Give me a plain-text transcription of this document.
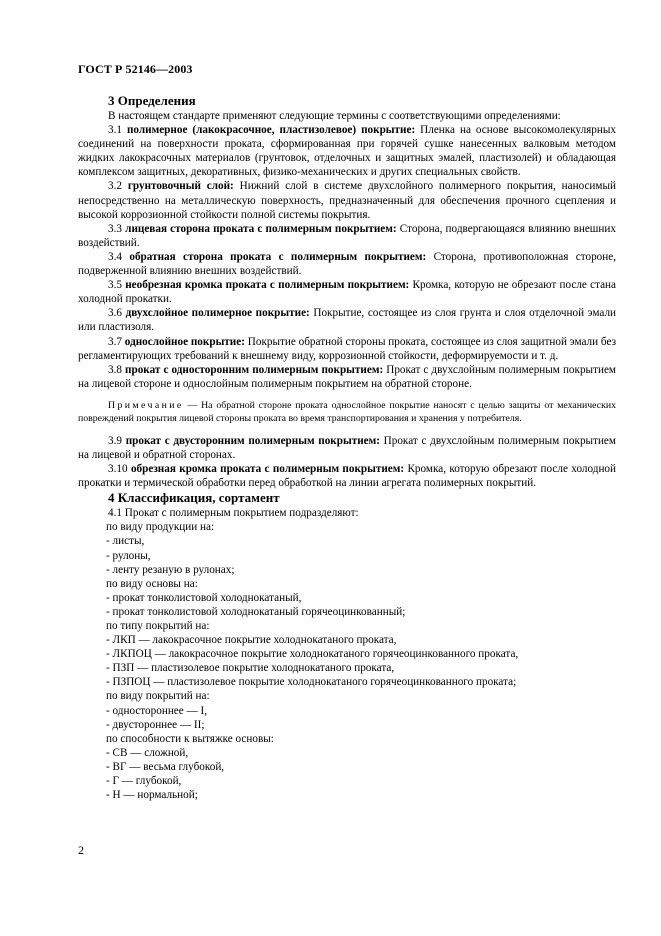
ГОСТ Р 52146—2003

3 Определения

В настоящем стандарте применяют следующие термины с соответствующими определениями:

3.1 полимерное (лакокрасочное, пластизолевое) покрытие: Пленка на основе высокомолекулярных соединений на поверхности проката, сформированная при горячей сушке нанесенных валковым методом жидких лакокрасочных материалов (грунтовок, отделочных и защитных эмалей, пластизолей) и обладающая комплексом защитных, декоративных, физико-механических и других специальных свойств.

3.2 грунтовочный слой: Нижний слой в системе двухслойного полимерного покрытия, наносимый непосредственно на металлическую поверхность, предназначенный для обеспечения прочного сцепления и высокой коррозионной стойкости полной системы покрытия.

3.3 лицевая сторона проката с полимерным покрытием: Сторона, подвергающаяся влиянию внешних воздействий.

3.4 обратная сторона проката с полимерным покрытием: Сторона, противоположная стороне, подверженной влиянию внешних воздействий.

3.5 необрезная кромка проката с полимерным покрытием: Кромка, которую не обрезают после стана холодной прокатки.

3.6 двухслойное полимерное покрытие: Покрытие, состоящее из слоя грунта и слоя отделочной эмали или пластизоля.

3.7 однослойное покрытие: Покрытие обратной стороны проката, состоящее из слоя защитной эмали без регламентирующих требований к внешнему виду, коррозионной стойкости, деформируемости и т. д.

3.8 прокат с односторонним полимерным покрытием: Прокат с двухслойным полимерным покрытием на лицевой стороне и однослойным полимерным покрытием на обратной стороне.

Примечание — На обратной стороне проката однослойное покрытие наносят с целью защиты от механических повреждений покрытия лицевой стороны проката во время транспортирования и хранения у потребителя.

3.9 прокат с двусторонним полимерным покрытием: Прокат с двухслойным полимерным покрытием на лицевой и обратной сторонах.

3.10 обрезная кромка проката с полимерным покрытием: Кромка, которую обрезают после холодной прокатки и термической обработки перед обработкой на линии агрегата полимерных покрытий.

4 Классификация, сортамент

4.1 Прокат с полимерным покрытием подразделяют:

по виду продукции на:

- листы,

- рулоны,

- ленту резаную в рулонах;

по виду основы на:

- прокат тонколистовой холоднокатаный,

- прокат тонколистовой холоднокатаный горячеоцинкованный;

по типу покрытий на:

- ЛКП — лакокрасочное покрытие холоднокатаного проката,

- ЛКПОЦ — лакокрасочное покрытие холоднокатаного горячеоцинкованного проката,

- ПЗП — пластизолевое покрытие холоднокатаного проката,

- ПЗПОЦ — пластизолевое покрытие холоднокатаного горячеоцинкованного проката;

по виду покрытий на:

- одностороннее — I,

- двустороннее — II;

по способности к вытяжке основы:

- СВ — сложной,

- ВГ — весьма глубокой,

- Г — глубокой,

- Н — нормальной;

2
